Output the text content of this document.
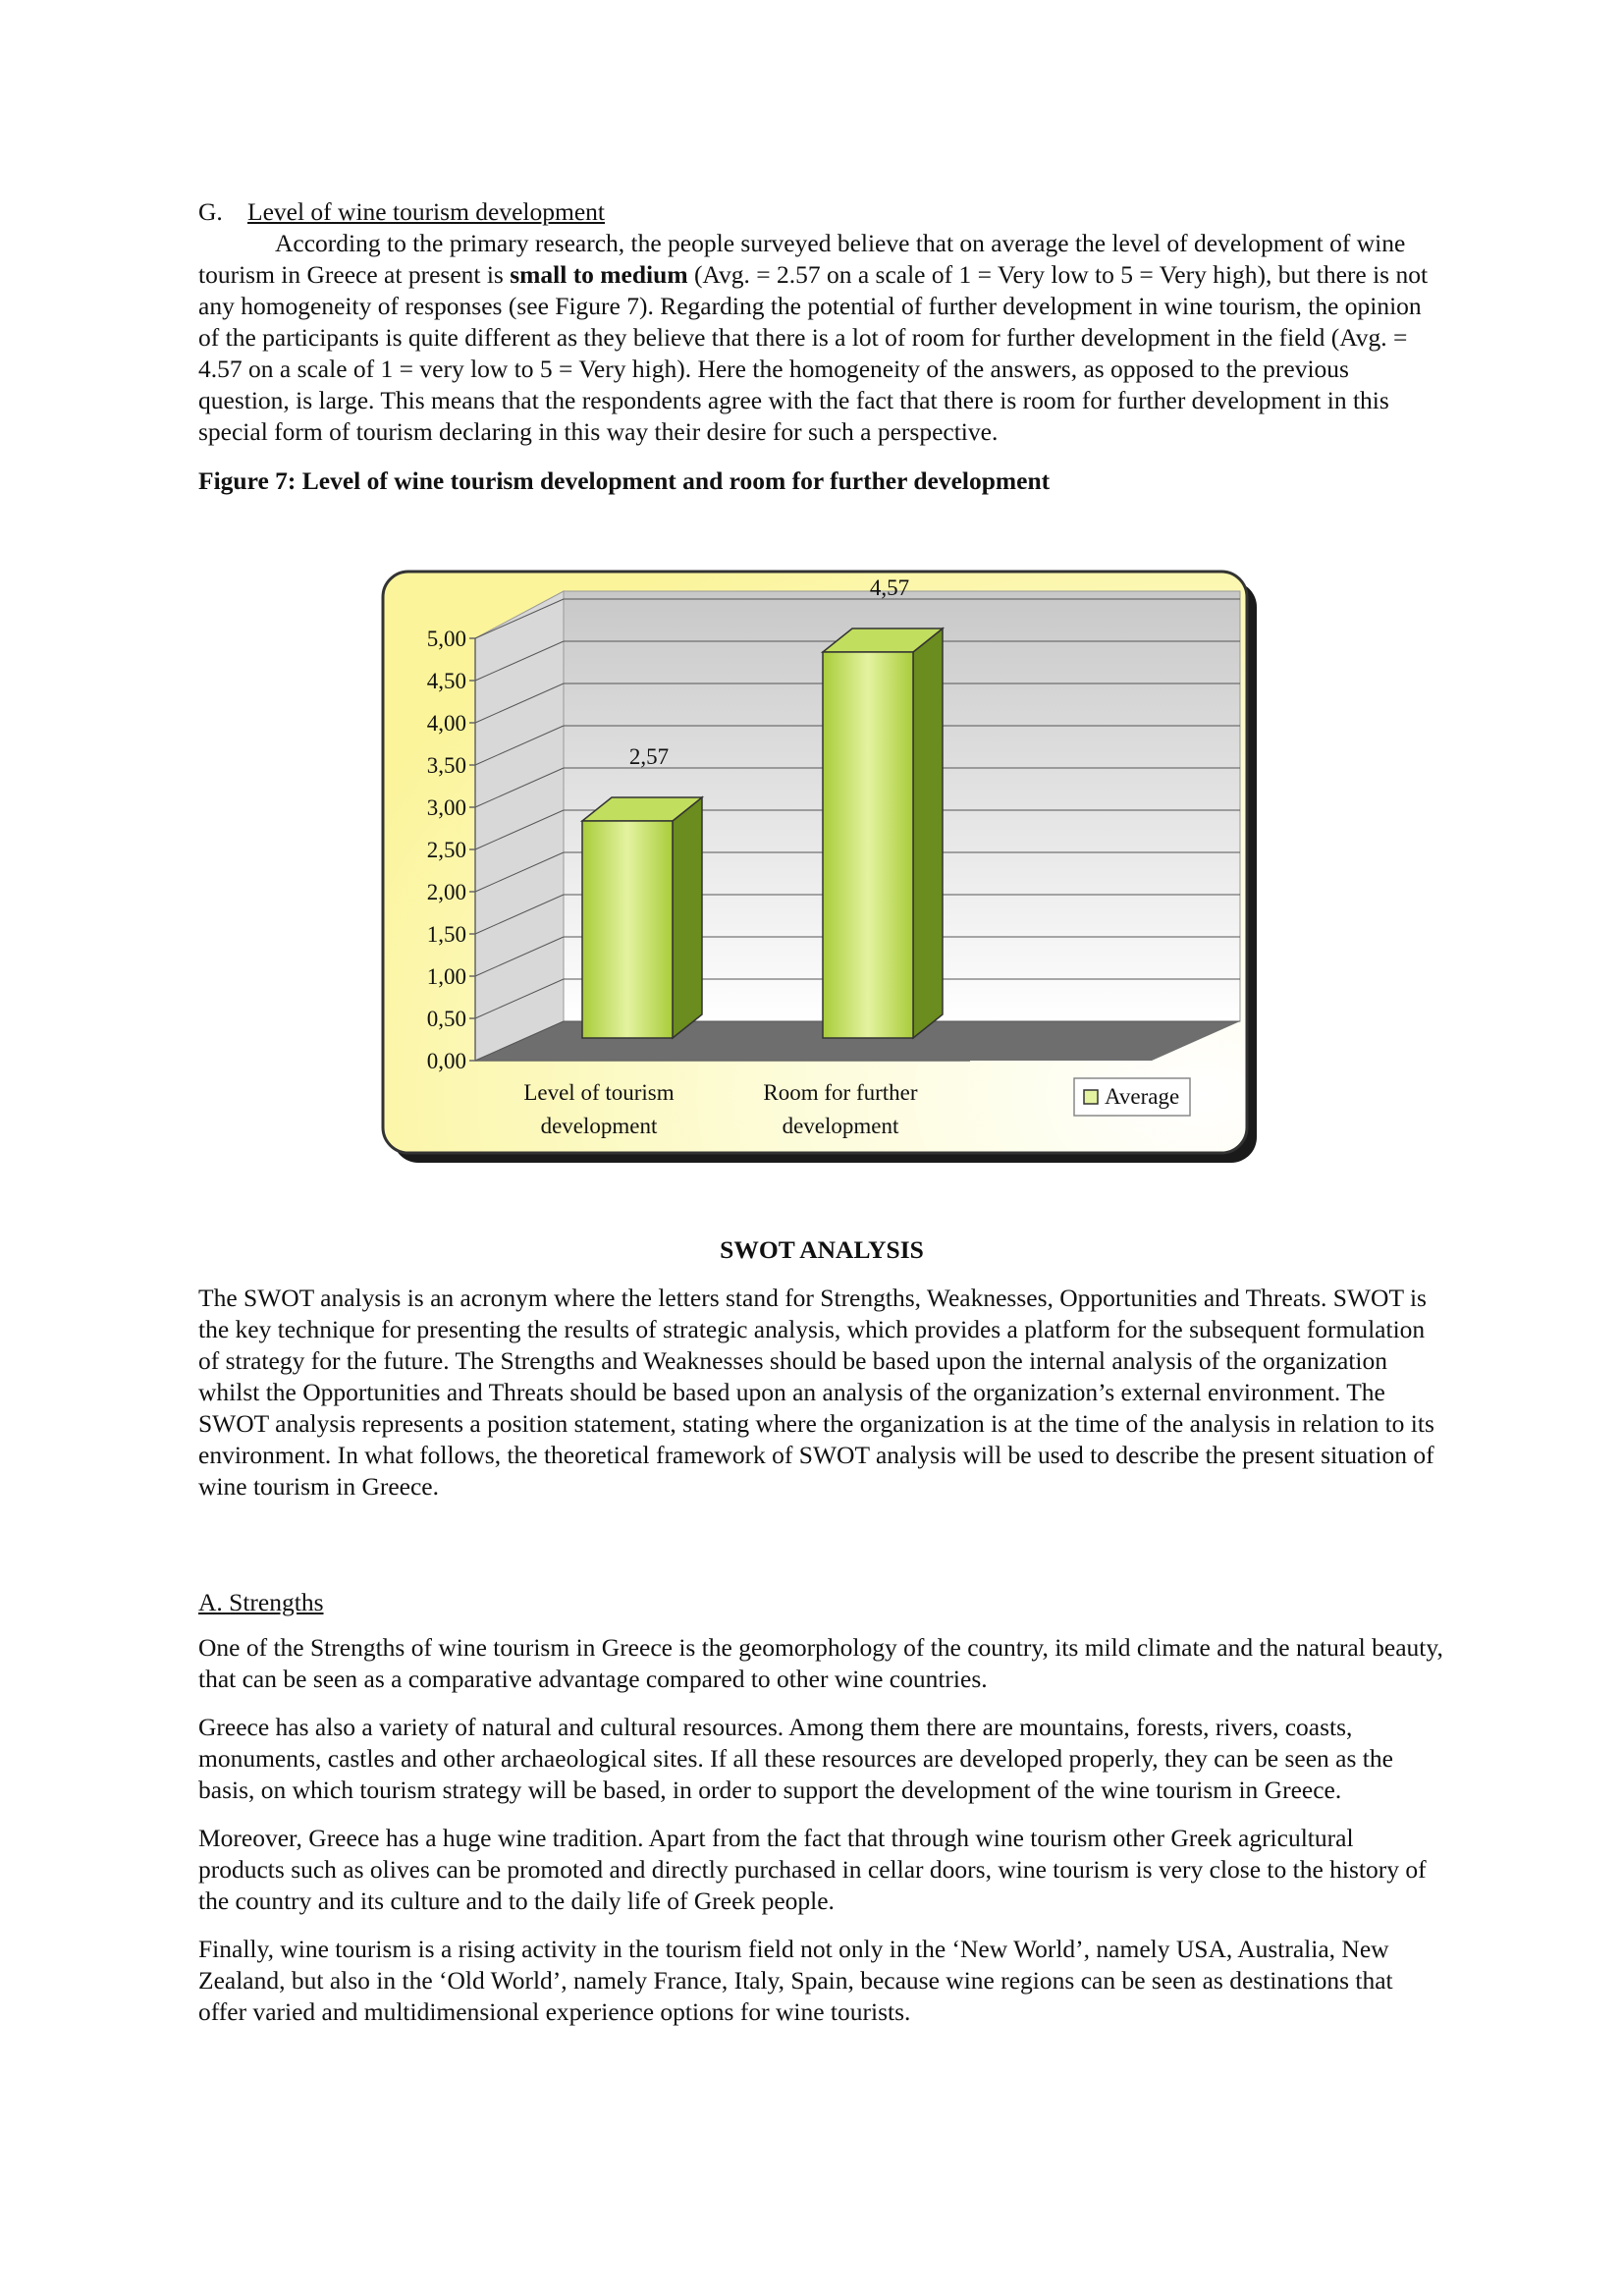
G. Level of wine tourism development

According to the primary research, the people surveyed believe that on average the level of development of wine tourism in Greece at present is small to medium (Avg. = 2.57 on a scale of 1 = Very low to 5 = Very high), but there is not any homogeneity of responses (see Figure 7). Regarding the potential of further development in wine tourism, the opinion of the participants is quite different as they believe that there is a lot of room for further development in the field (Avg. = 4.57 on a scale of 1 = very low to 5 = Very high). Here the homogeneity of the answers, as opposed to the previous question, is large. This means that the respondents agree with the fact that there is room for further development in this special form of tourism declaring in this way their desire for such a perspective.

Figure 7: Level of wine tourism development and room for further development

0,00
0,50
1,00
1,50
2,00
2,50
3,00
3,50
4,00
4,50
5,00
2,57
4,57
Level of tourism
development
Room for further
development
Average
SWOT ANALYSIS

The SWOT analysis is an acronym where the letters stand for Strengths, Weaknesses, Opportunities and Threats. SWOT is the key technique for presenting the results of strategic analysis, which provides a platform for the subsequent formulation of strategy for the future. The Strengths and Weaknesses should be based upon the internal analysis of the organization whilst the Opportunities and Threats should be based upon an analysis of the organization’s external environment. The SWOT analysis represents a position statement, stating where the organization is at the time of the analysis in relation to its environment. In what follows, the theoretical framework of SWOT analysis will be used to describe the present situation of wine tourism in Greece.

A. Strengths

One of the Strengths of wine tourism in Greece is the geomorphology of the country, its mild climate and the natural beauty, that can be seen as a comparative advantage compared to other wine countries.

Greece has also a variety of natural and cultural resources. Among them there are mountains, forests, rivers, coasts, monuments, castles and other archaeological sites. If all these resources are developed properly, they can be seen as the basis, on which tourism strategy will be based, in order to support the development of the wine tourism in Greece.

Moreover, Greece has a huge wine tradition. Apart from the fact that through wine tourism other Greek agricultural products such as olives can be promoted and directly purchased in cellar doors, wine tourism is very close to the history of the country and its culture and to the daily life of Greek people.

Finally, wine tourism is a rising activity in the tourism field not only in the ‘New World’, namely USA, Australia, New Zealand, but also in the ‘Old World’, namely France, Italy, Spain, because wine regions can be seen as destinations that offer varied and multidimensional experience options for wine tourists.
